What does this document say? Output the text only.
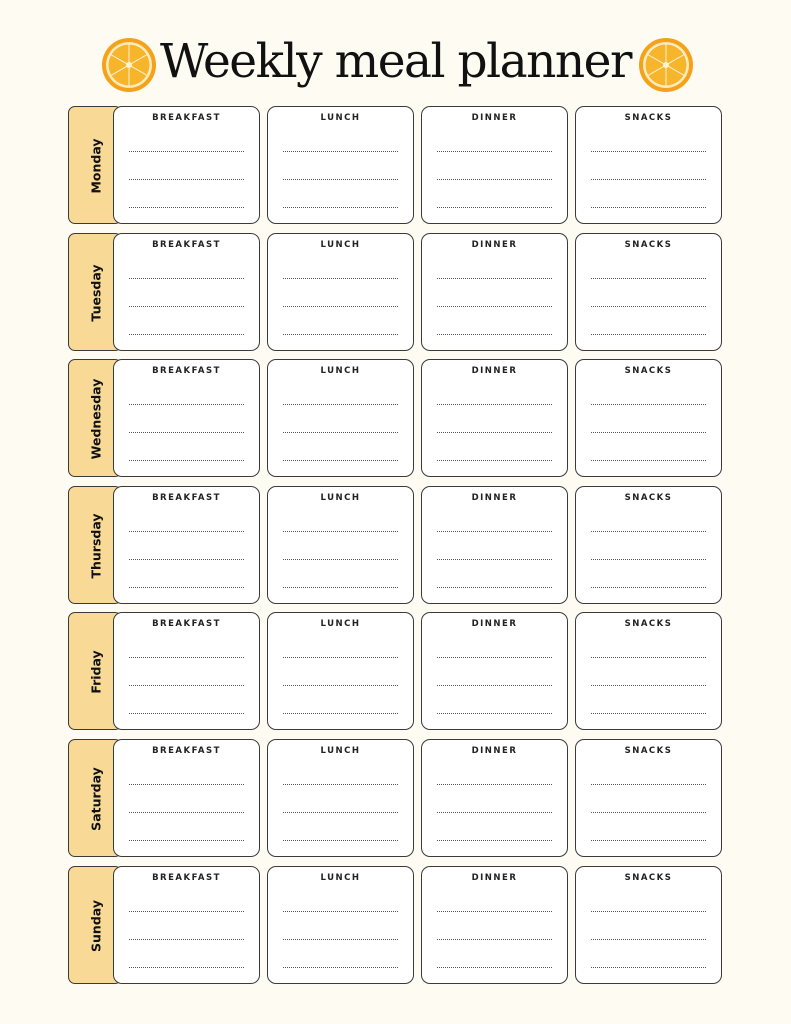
Weekly meal planner
Monday
BREAKFAST	LUNCH	DINNER	SNACKS
Tuesday
BREAKFAST	LUNCH	DINNER	SNACKS
Wednesday
BREAKFAST	LUNCH	DINNER	SNACKS
Thursday
BREAKFAST	LUNCH	DINNER	SNACKS
Friday
BREAKFAST	LUNCH	DINNER	SNACKS
Saturday
BREAKFAST	LUNCH	DINNER	SNACKS
Sunday
BREAKFAST	LUNCH	DINNER	SNACKS
